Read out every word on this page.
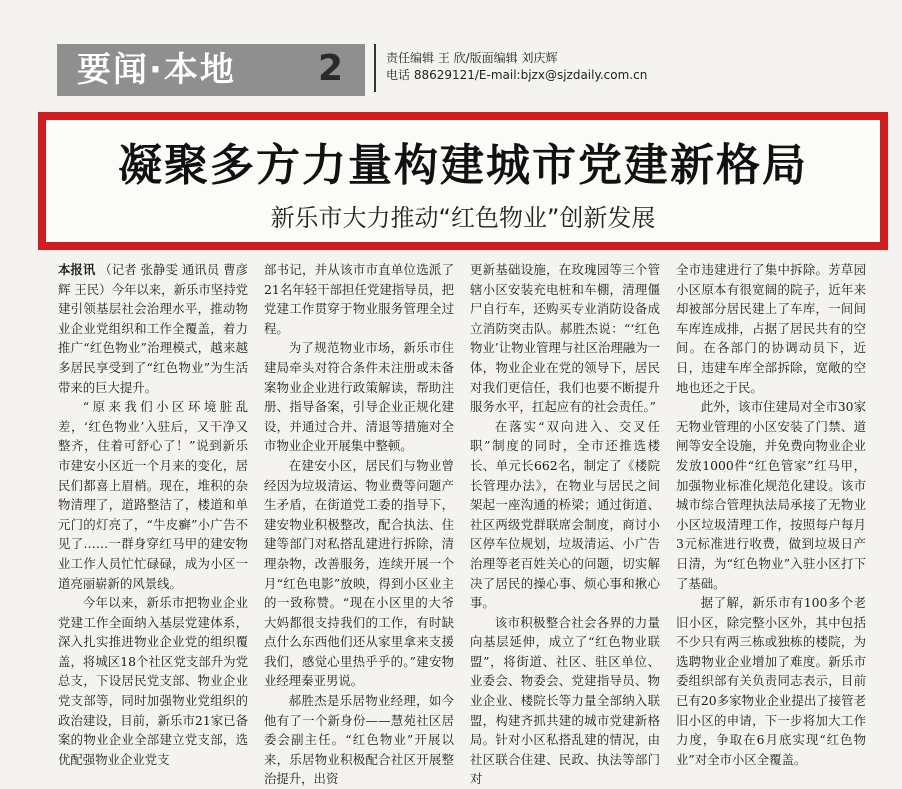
要闻·本地 2	责任编辑 王 欣/版面编辑 刘庆辉
电话 88629121/E-mail:bjzx@sjzdaily.com.cn
凝聚多方力量构建城市党建新格局
新乐市大力推动“红色物业”创新发展

本报讯 （记者 张静雯 通讯员 曹彦辉 王民）今年以来，新乐市坚持党建引领基层社会治理水平，推动物业企业党组织和工作全覆盖，着力推广“红色物业”治理模式，越来越多居民享受到了“红色物业”为生活带来的巨大提升。

“原来我们小区环境脏乱差，‘红色物业’入驻后，又干净又整齐，住着可舒心了！”说到新乐市建安小区近一个月来的变化，居民们都喜上眉梢。现在，堆积的杂物清理了，道路整洁了，楼道和单元门的灯亮了，“牛皮癣”小广告不见了……一群身穿红马甲的建安物业工作人员忙忙碌碌，成为小区一道亮丽崭新的风景线。

今年以来，新乐市把物业企业党建工作全面纳入基层党建体系，深入扎实推进物业企业党的组织覆盖，将城区18个社区党支部升为党总支，下设居民党支部、物业企业党支部等，同时加强物业党组织的政治建设，目前，新乐市21家已备案的物业企业全部建立党支部，选优配强物业企业党支

部书记，并从该市市直单位选派了21名年轻干部担任党建指导员，把党建工作贯穿于物业服务管理全过程。

为了规范物业市场，新乐市住建局牵头对符合条件未注册或未备案物业企业进行政策解读，帮助注册、指导备案，引导企业正规化建设，并通过合并、清退等措施对全市物业企业开展集中整顿。

在建安小区，居民们与物业曾经因为垃圾清运、物业费等问题产生矛盾，在街道党工委的指导下，建安物业积极整改，配合执法、住建等部门对私搭乱建进行拆除，清理杂物，改善服务，连续开展一个月“红色电影”放映，得到小区业主的一致称赞。“现在小区里的大爷大妈都很支持我们的工作，有时缺点什么东西他们还从家里拿来支援我们，感觉心里热乎乎的。”建安物业经理秦亚男说。

郝胜杰是乐居物业经理，如今他有了一个新身份——慧苑社区居委会副主任。“红色物业”开展以来，乐居物业积极配合社区开展整治提升，出资

更新基础设施，在玫瑰园等三个管辖小区安装充电桩和车棚，清理僵尸自行车，还购买专业消防设备成立消防突击队。郝胜杰说：“‘红色物业’让物业管理与社区治理融为一体，物业企业在党的领导下，居民对我们更信任，我们也要不断提升服务水平，扛起应有的社会责任。”

在落实“双向进入、交叉任职”制度的同时，全市还推选楼长、单元长662名，制定了《楼院长管理办法》，在物业与居民之间架起一座沟通的桥梁；通过街道、社区两级党群联席会制度，商讨小区停车位规划，垃圾清运、小广告治理等老百姓关心的问题，切实解决了居民的操心事、烦心事和揪心事。

该市积极整合社会各界的力量向基层延伸，成立了“红色物业联盟”，将街道、社区、驻区单位、业委会、物委会、党建指导员、物业企业、楼院长等力量全部纳入联盟，构建齐抓共建的城市党建新格局。针对小区私搭乱建的情况，由社区联合住建、民政、执法等部门对

全市违建进行了集中拆除。芳草园小区原本有很宽阔的院子，近年来却被部分居民建上了车库，一间间车库连成排，占据了居民共有的空间。在各部门的协调动员下，近日，违建车库全部拆除，宽敞的空地也还之于民。

此外，该市住建局对全市30家无物业管理的小区安装了门禁、道闸等安全设施，并免费向物业企业发放1000件“红色管家”红马甲，加强物业标准化规范化建设。该市城市综合管理执法局承接了无物业小区垃圾清理工作，按照每户每月3元标准进行收费，做到垃圾日产日清，为“红色物业”入驻小区打下了基础。

据了解，新乐市有100多个老旧小区，除完整小区外，其中包括不少只有两三栋或独栋的楼院，为选聘物业企业增加了难度。新乐市委组织部有关负责同志表示，目前已有20多家物业企业提出了接管老旧小区的申请，下一步将加大工作力度，争取在6月底实现“红色物业”对全市小区全覆盖。
